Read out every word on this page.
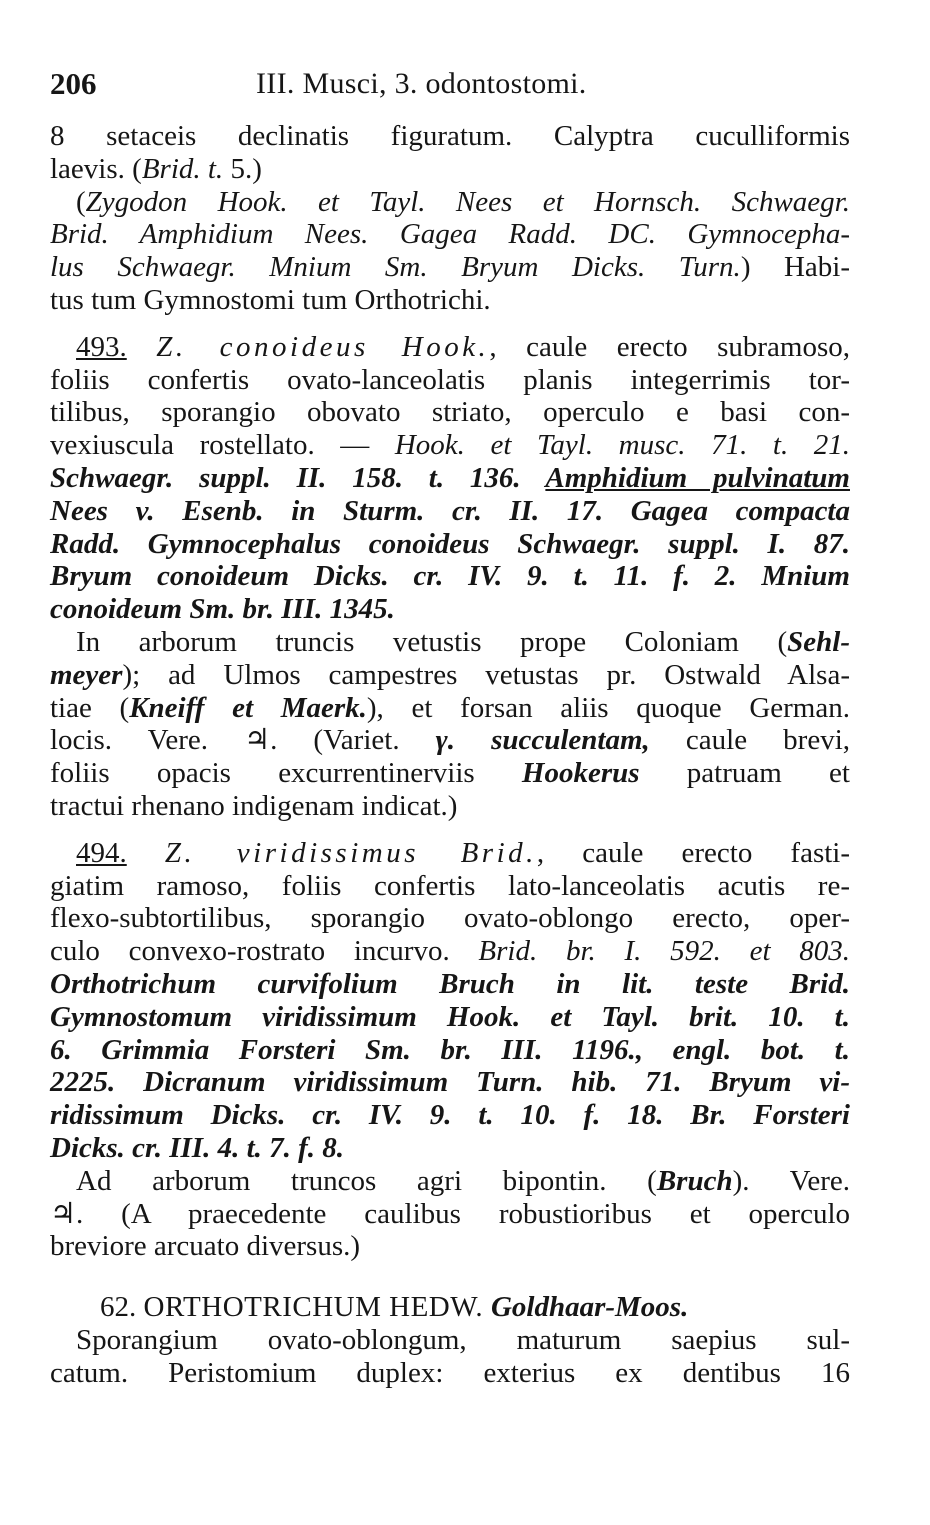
206	III. Musci, 3. odontostomi.

8 setaceis declinatis figuratum. Calyptra cuculliformis

laevis. (Brid. t. 5.)

(Zygodon Hook. et Tayl. Nees et Hornsch. Schwaegr.

Brid. Amphidium Nees. Gagea Radd. DC. Gymnocepha-

lus Schwaegr. Mnium Sm. Bryum Dicks. Turn.) Habi-

tus tum Gymnostomi tum Orthotrichi.

493. Z. conoideus Hook., caule erecto subramoso,

foliis confertis ovato-lanceolatis planis integerrimis tor-

tilibus, sporangio obovato striato, operculo e basi con-

vexiuscula rostellato. — Hook. et Tayl. musc. 71. t. 21.

Schwaegr. suppl. II. 158. t. 136. Amphidium pulvinatum

Nees v. Esenb. in Sturm. cr. II. 17. Gagea compacta

Radd. Gymnocephalus conoideus Schwaegr. suppl. I. 87.

Bryum conoideum Dicks. cr. IV. 9. t. 11. f. 2. Mnium

conoideum Sm. br. III. 1345.

In arborum truncis vetustis prope Coloniam (Sehl-

meyer); ad Ulmos campestres vetustas pr. Ostwald Alsa-

tiae (Kneiff et Maerk.), et forsan aliis quoque German.

locis. Vere. ♃. (Variet. γ. succulentam, caule brevi,

foliis opacis excurrentinerviis Hookerus patruam et

tractui rhenano indigenam indicat.)

494. Z. viridissimus Brid., caule erecto fasti-

giatim ramoso, foliis confertis lato-lanceolatis acutis re-

flexo-subtortilibus, sporangio ovato-oblongo erecto, oper-

culo convexo-rostrato incurvo. Brid. br. I. 592. et 803.

Orthotrichum curvifolium Bruch in lit. teste Brid.

Gymnostomum viridissimum Hook. et Tayl. brit. 10. t.

6. Grimmia Forsteri Sm. br. III. 1196., engl. bot. t.

2225. Dicranum viridissimum Turn. hib. 71. Bryum vi-

ridissimum Dicks. cr. IV. 9. t. 10. f. 18. Br. Forsteri

Dicks. cr. III. 4. t. 7. f. 8.

Ad arborum truncos agri bipontin. (Bruch). Vere.

♃. (A praecedente caulibus robustioribus et operculo

breviore arcuato diversus.)

62. ORTHOTRICHUM HEDW. Goldhaar-Moos.

Sporangium ovato-oblongum, maturum saepius sul-

catum. Peristomium duplex: exterius ex dentibus 16
